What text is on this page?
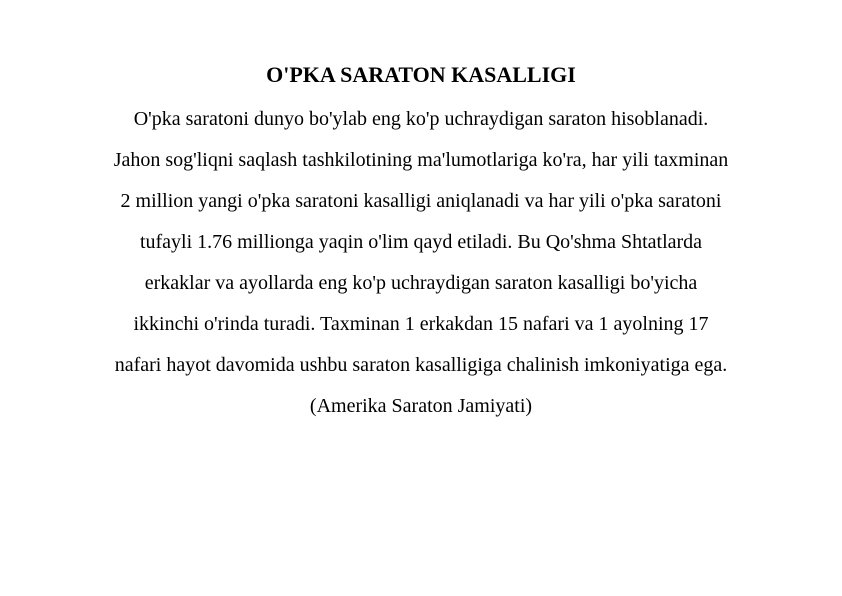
O'PKA SARATON KASALLIGI

O'pka saratoni dunyo bo'ylab eng ko'p uchraydigan saraton hisoblanadi.
Jahon sog'liqni saqlash tashkilotining ma'lumotlariga ko'ra, har yili taxminan
2 million yangi o'pka saratoni kasalligi aniqlanadi va har yili o'pka saratoni
tufayli 1.76 millionga yaqin o'lim qayd etiladi. Bu Qo'shma Shtatlarda
erkaklar va ayollarda eng ko'p uchraydigan saraton kasalligi bo'yicha
ikkinchi o'rinda turadi. Taxminan 1 erkakdan 15 nafari va 1 ayolning 17
nafari hayot davomida ushbu saraton kasalligiga chalinish imkoniyatiga ega.
(Amerika Saraton Jamiyati)
